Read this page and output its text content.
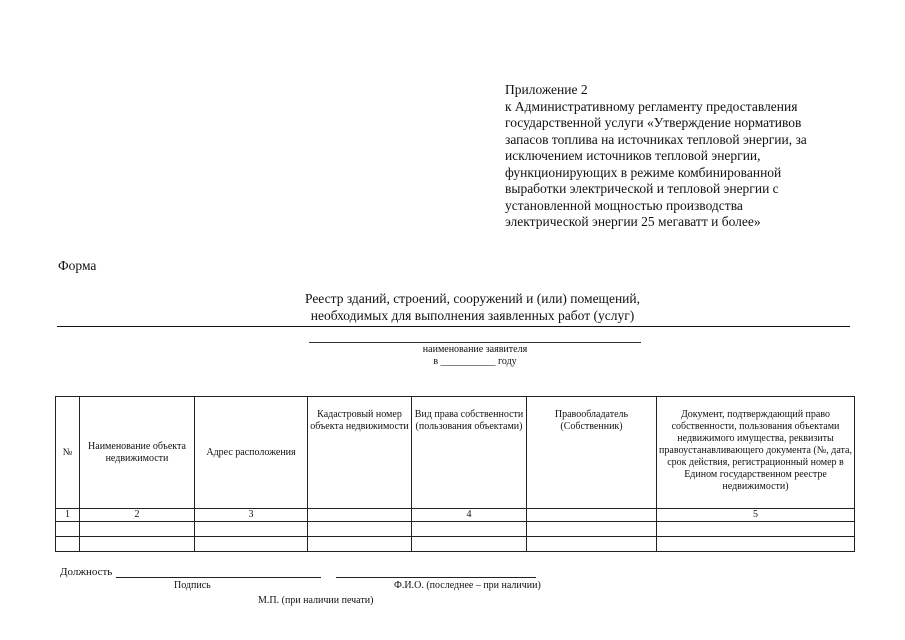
Приложение 2
к Административному регламенту предоставления
государственной услуги «Утверждение нормативов
запасов топлива на источниках тепловой энергии, за
исключением источников тепловой энергии,
функционирующих в режиме комбинированной
выработки электрической и тепловой энергии с
установленной мощностью производства
электрической энергии 25 мегаватт и более»
Форма
Реестр зданий, строений, сооружений и (или) помещений,
необходимых для выполнения заявленных работ (услуг)
наименование заявителя
в ___________ году
№	Наименование объекта недвижимости	Адрес расположения	Кадастровый номер объекта недвижимости	Вид права собственности (пользования объектами)	Правообладатель (Собственник)	Документ, подтверждающий право собственности, пользования объектами недвижимого имущества, реквизиты правоустанавливающего документа (№, дата, срок действия, регистрационный номер в Едином государственном реестре недвижимости)
1	2	3		4		5

Должность
Подпись	Ф.И.О. (последнее – при наличии)
М.П. (при наличии печати)
